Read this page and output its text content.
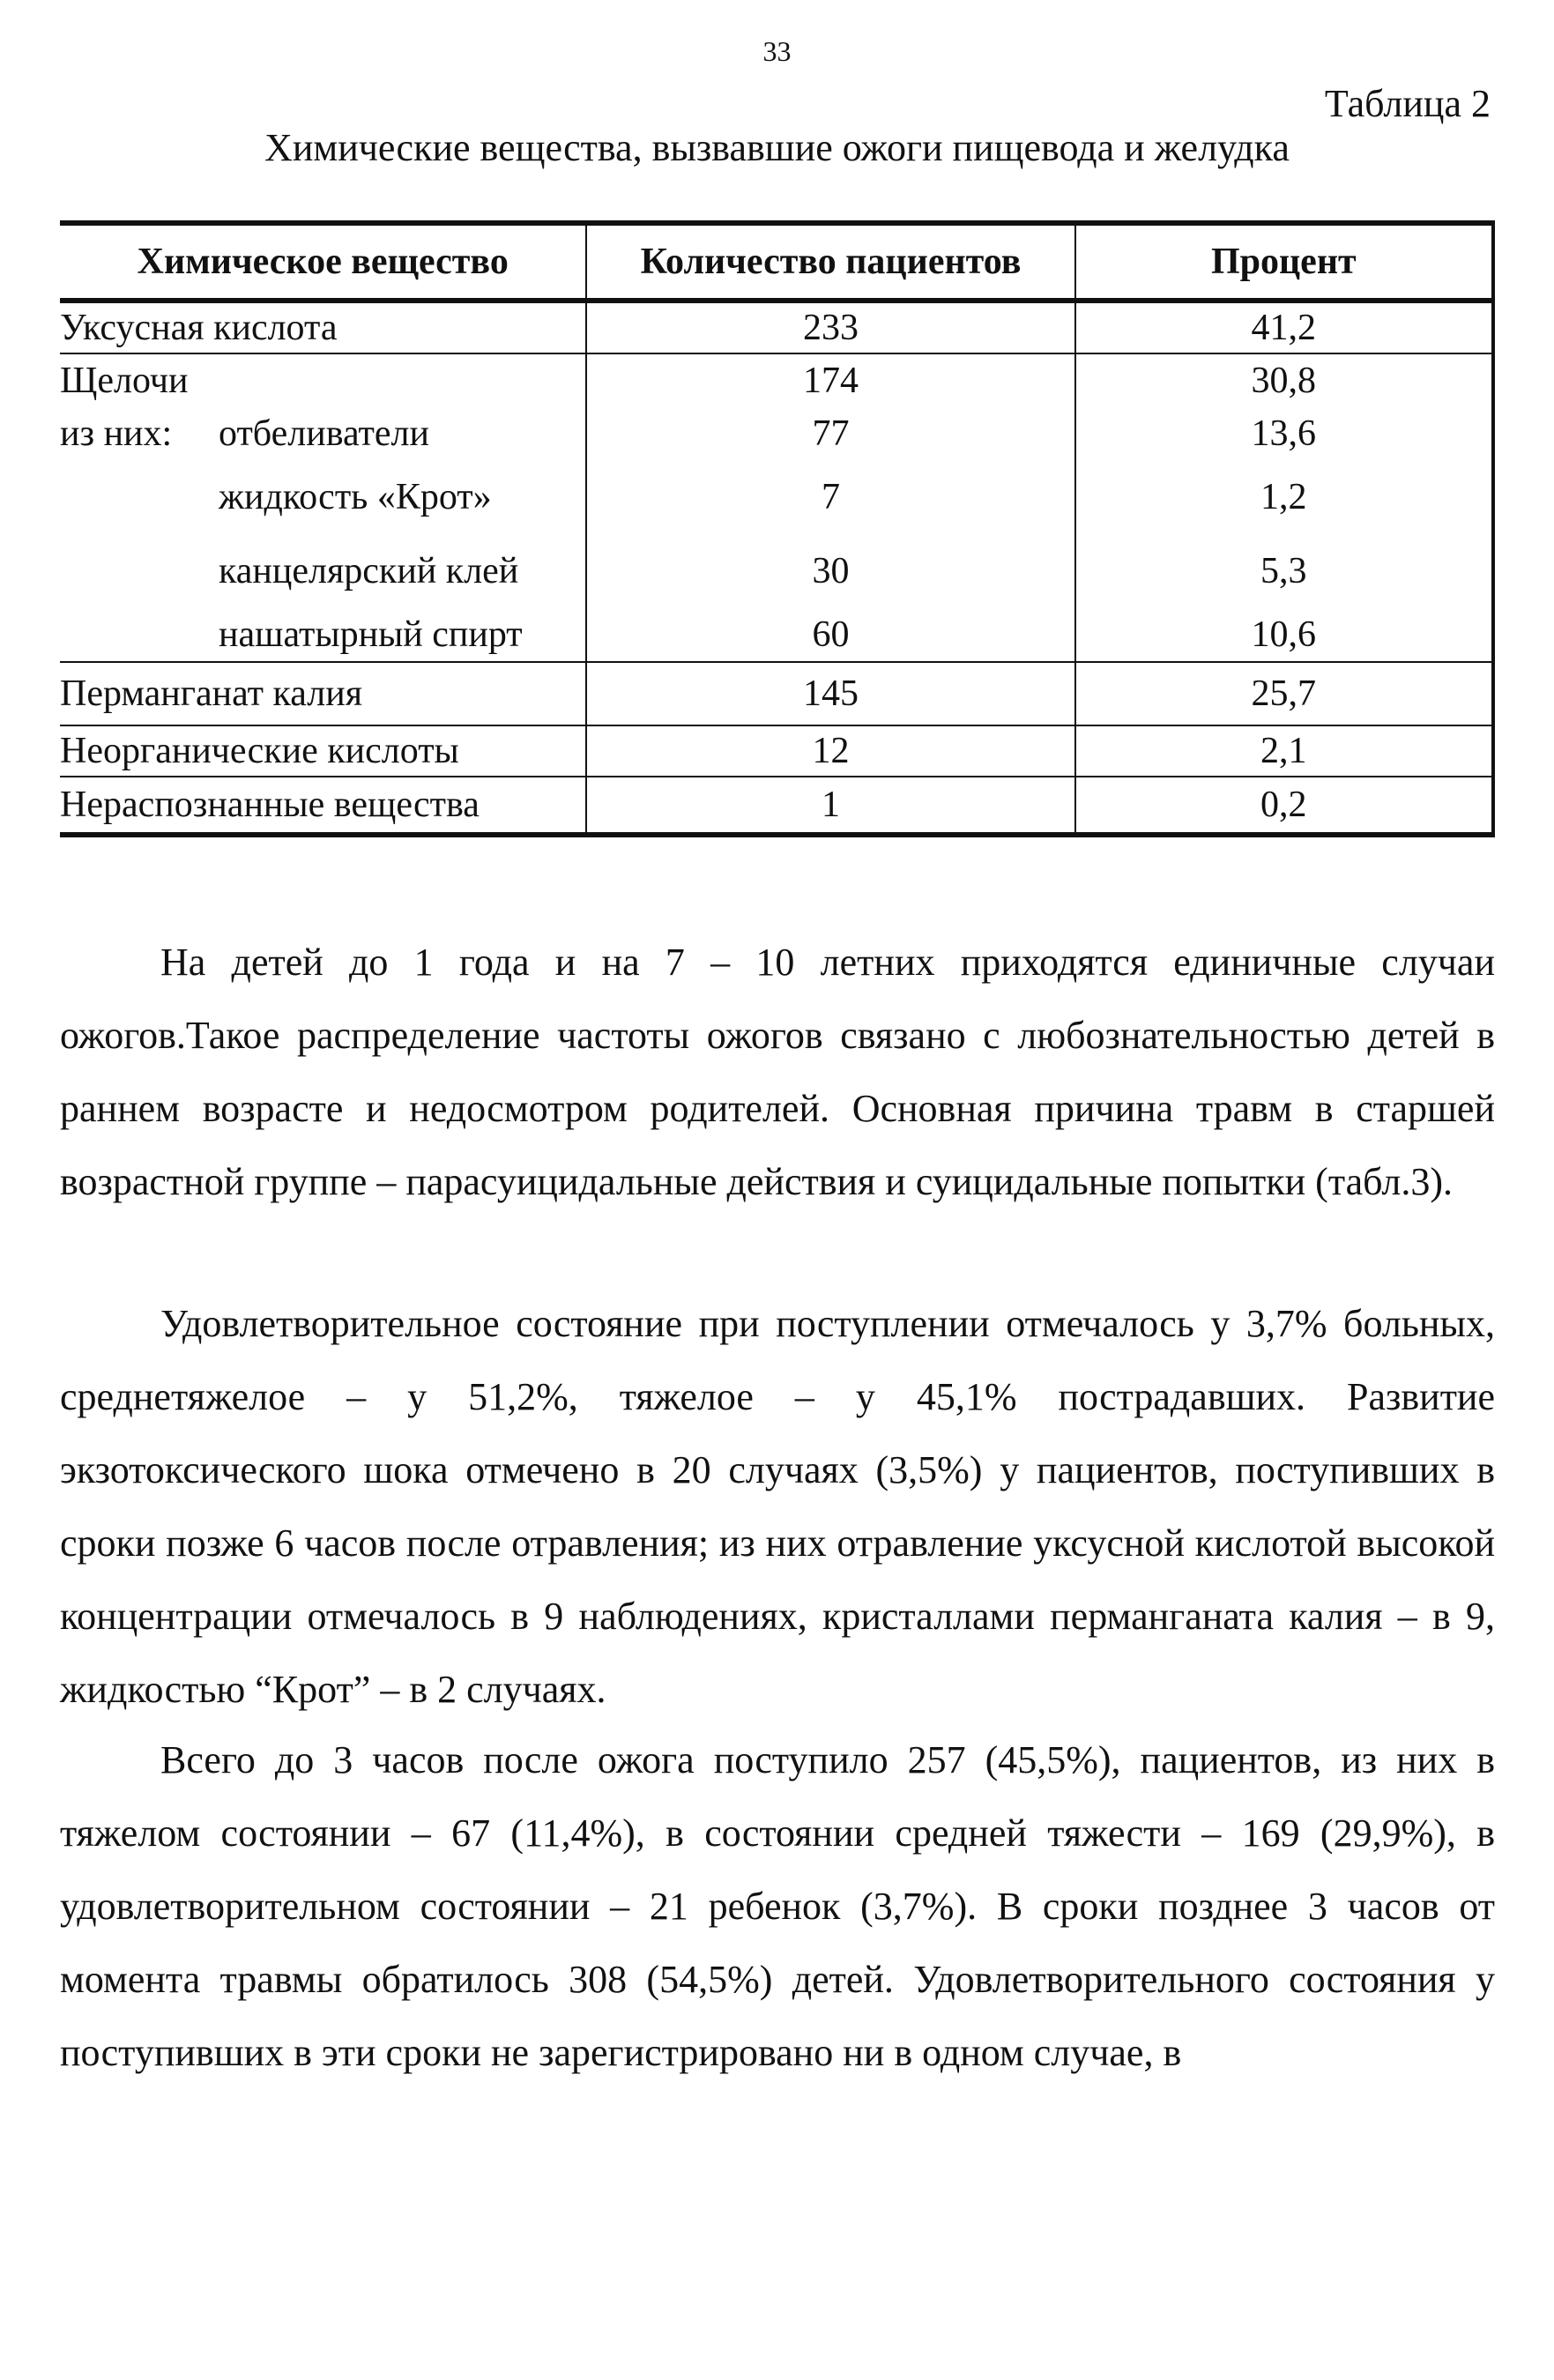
33
Таблица 2
Химические вещества, вызвавшие ожоги пищевода и желудка
Химическое вещество	Количество пациентов	Процент
Уксусная кислота	233	41,2
Щелочи	174	30,8
из них: отбеливатели	77	13,6
жидкость «Крот»	7	1,2
канцелярский клей	30	5,3
нашатырный спирт	60	10,6
Перманганат калия	145	25,7
Неорганические кислоты	12	2,1
Нераспознанные вещества	1	0,2

На детей до 1 года и на 7 – 10 летних приходятся единичные случаи ожогов.Такое распределение частоты ожогов связано с любознательностью детей в раннем возрасте и недосмотром родителей. Основная причина травм в старшей возрастной группе – парасуицидальные действия и суицидальные попытки (табл.3).

Удовлетворительное состояние при поступлении отмечалось у 3,7% больных, среднетяжелое – у 51,2%, тяжелое – у 45,1% пострадавших. Развитие экзотоксического шока отмечено в 20 случаях (3,5%) у пациентов, поступивших в сроки позже 6 часов после отравления; из них отравление уксусной кислотой высокой концентрации отмечалось в 9 наблюдениях, кристаллами перманганата калия – в 9, жидкостью “Крот” – в 2 случаях.

Всего до 3 часов после ожога поступило 257 (45,5%), пациентов, из них в тяжелом состоянии – 67 (11,4%), в состоянии средней тяжести – 169 (29,9%), в удовлетворительном состоянии – 21 ребенок (3,7%). В сроки позднее 3 часов от момента травмы обратилось 308 (54,5%) детей. Удовлетворительного состояния у поступивших в эти сроки не зарегистрировано ни в одном случае, в
